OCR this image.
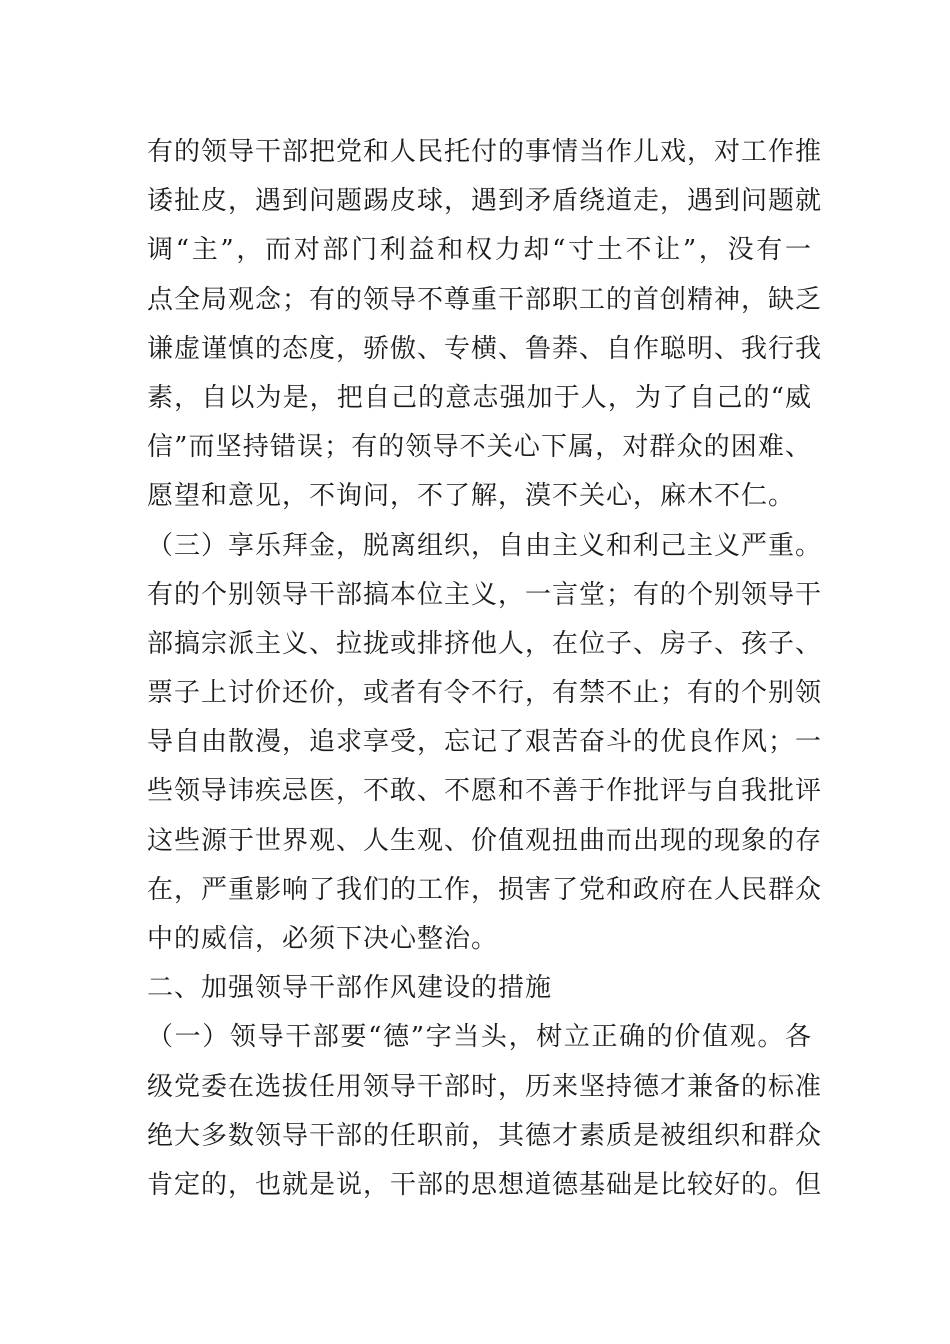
有的领导干部把党和人民托付的事情当作儿戏，对工作推
诿扯皮，遇到问题踢皮球，遇到矛盾绕道走，遇到问题就
调“主”，而对部门利益和权力却“寸土不让”，没有一
点全局观念；有的领导不尊重干部职工的首创精神，缺乏
谦虚谨慎的态度，骄傲、专横、鲁莽、自作聪明、我行我
素，自以为是，把自己的意志强加于人，为了自己的“威
信”而坚持错误；有的领导不关心下属，对群众的困难、
愿望和意见，不询问，不了解，漠不关心，麻木不仁。
（三）享乐拜金，脱离组织，自由主义和利己主义严重。
有的个别领导干部搞本位主义，一言堂；有的个别领导干
部搞宗派主义、拉拢或排挤他人，在位子、房子、孩子、
票子上讨价还价，或者有令不行，有禁不止；有的个别领
导自由散漫，追求享受，忘记了艰苦奋斗的优良作风；一
些领导讳疾忌医，不敢、不愿和不善于作批评与自我批评
这些源于世界观、人生观、价值观扭曲而出现的现象的存
在，严重影响了我们的工作，损害了党和政府在人民群众
中的威信，必须下决心整治。
二、加强领导干部作风建设的措施
（一）领导干部要“德”字当头，树立正确的价值观。各
级党委在选拔任用领导干部时，历来坚持德才兼备的标准
绝大多数领导干部的任职前，其德才素质是被组织和群众
肯定的，也就是说，干部的思想道德基础是比较好的。但
